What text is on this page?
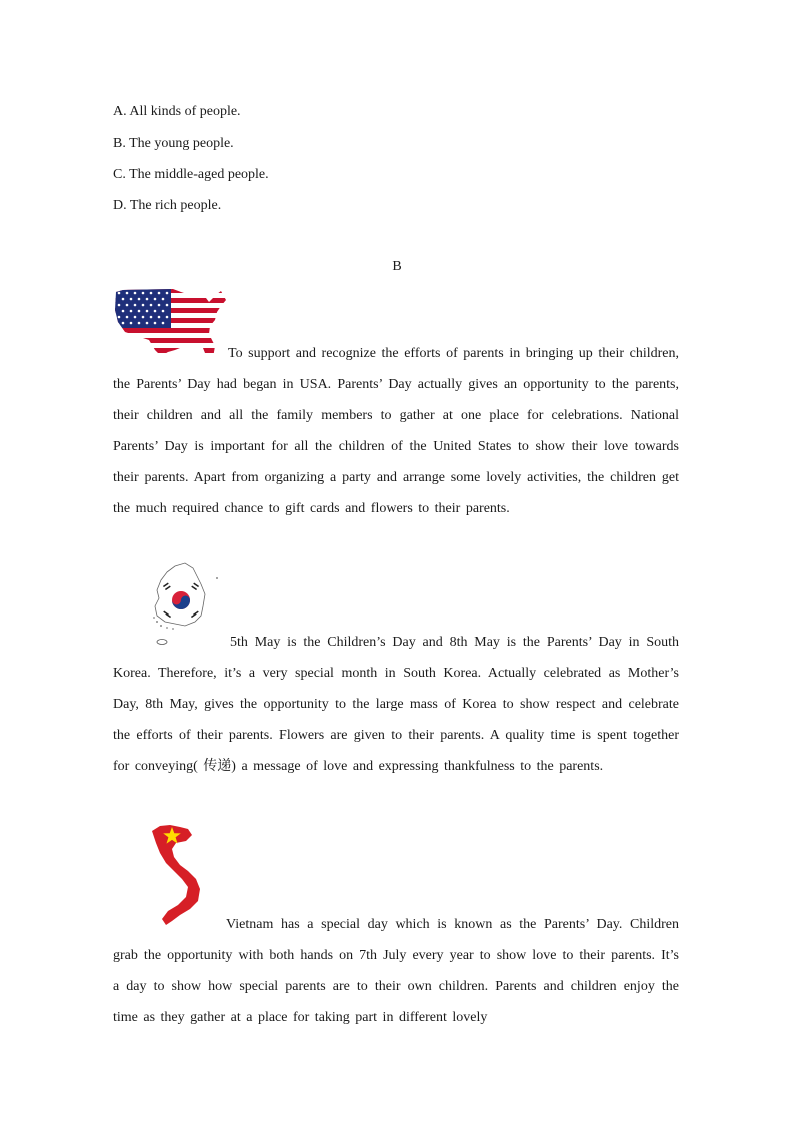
A. All kinds of people.
B. The young people.
C. The middle-aged people.
D. The rich people.
B
To support and recognize the efforts of parents in bringing up their children, the Parents’ Day had began in USA. Parents’ Day actually gives an opportunity to the parents, their children and all the family members to gather at one place for celebrations. National Parents’ Day is important for all the children of the United States to show their love towards their parents. Apart from organizing a party and arrange some lovely activities, the children get the much required chance to gift cards and flowers to their parents.
5th May is the Children’s Day and 8th May is the Parents’ Day in South Korea. Therefore, it’s a very special month in South Korea. Actually celebrated as Mother’s Day, 8th May, gives the opportunity to the large mass of Korea to show respect and celebrate the efforts of their parents. Flowers are given to their parents. A quality time is spent together for conveying( 传递) a message of love and expressing thankfulness to the parents.
Vietnam has a special day which is known as the Parents’ Day. Children grab the opportunity with both hands on 7th July every year to show love to their parents. It’s a day to show how special parents are to their own children. Parents and children enjoy the time as they gather at a place for taking part in different lovely
